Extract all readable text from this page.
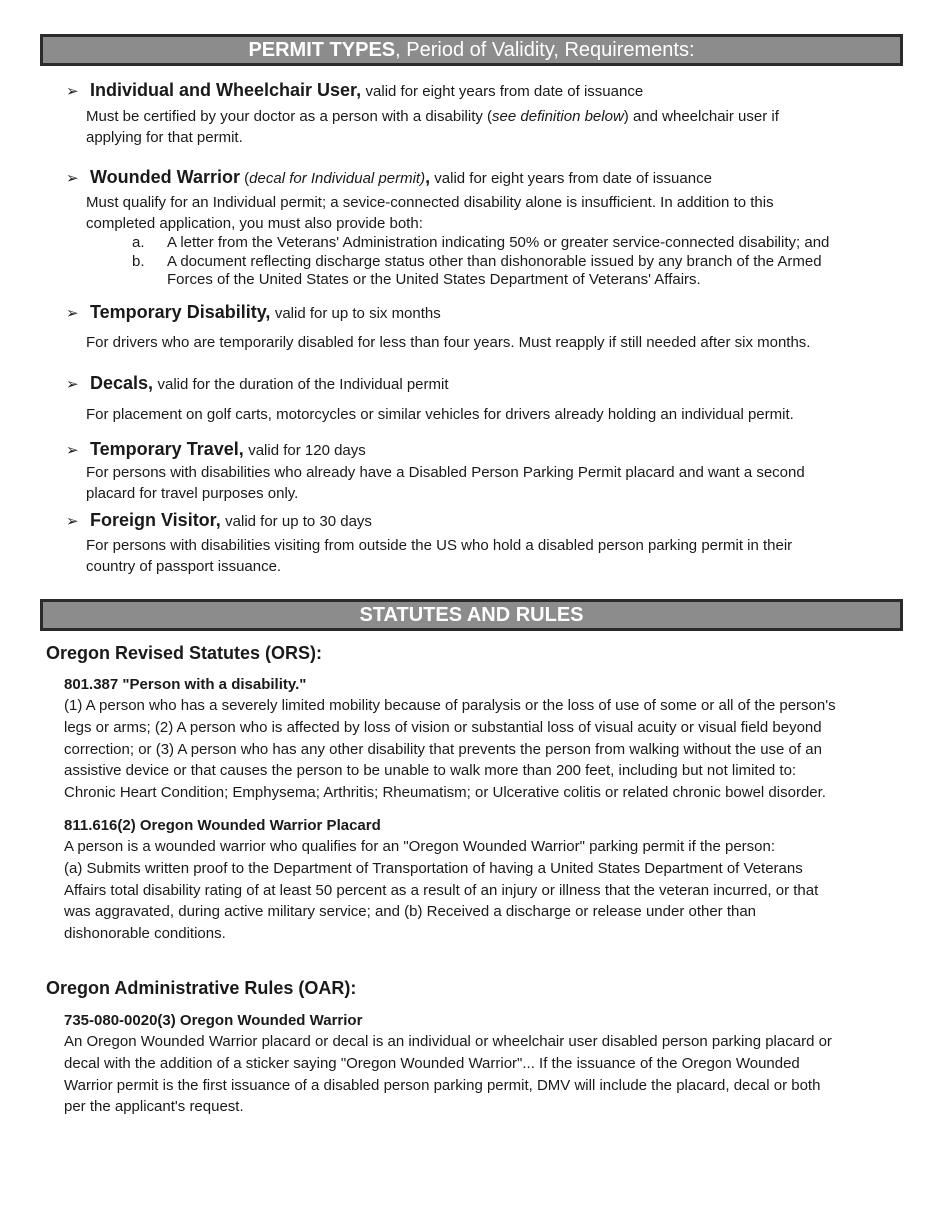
PERMIT TYPES, Period of Validity, Requirements:
➢ Individual and Wheelchair User, valid for eight years from date of issuance
Must be certified by your doctor as a person with a disability (see definition below) and wheelchair user if
applying for that permit.
➢ Wounded Warrior (decal for Individual permit), valid for eight years from date of issuance
Must qualify for an Individual permit; a sevice-connected disability alone is insufficient. In addition to this
completed application, you must also provide both:
a. A letter from the Veterans' Administration indicating 50% or greater service-connected disability; and
b. A document reflecting discharge status other than dishonorable issued by any branch of the Armed
Forces of the United States or the United States Department of Veterans' Affairs.
➢ Temporary Disability, valid for up to six months
For drivers who are temporarily disabled for less than four years. Must reapply if still needed after six months.
➢ Decals, valid for the duration of the Individual permit
For placement on golf carts, motorcycles or similar vehicles for drivers already holding an individual permit.
➢ Temporary Travel, valid for 120 days
For persons with disabilities who already have a Disabled Person Parking Permit placard and want a second
placard for travel purposes only.
➢ Foreign Visitor, valid for up to 30 days
For persons with disabilities visiting from outside the US who hold a disabled person parking permit in their
country of passport issuance.
STATUTES AND RULES
Oregon Revised Statutes (ORS):
801.387 "Person with a disability."
(1) A person who has a severely limited mobility because of paralysis or the loss of use of some or all of the person's
legs or arms; (2) A person who is affected by loss of vision or substantial loss of visual acuity or visual field beyond
correction; or (3) A person who has any other disability that prevents the person from walking without the use of an
assistive device or that causes the person to be unable to walk more than 200 feet, including but not limited to:
Chronic Heart Condition; Emphysema; Arthritis; Rheumatism; or Ulcerative colitis or related chronic bowel disorder.
811.616(2) Oregon Wounded Warrior Placard
A person is a wounded warrior who qualifies for an "Oregon Wounded Warrior" parking permit if the person:
(a) Submits written proof to the Department of Transportation of having a United States Department of Veterans
Affairs total disability rating of at least 50 percent as a result of an injury or illness that the veteran incurred, or that
was aggravated, during active military service; and (b) Received a discharge or release under other than
dishonorable conditions.
Oregon Administrative Rules (OAR):
735-080-0020(3) Oregon Wounded Warrior
An Oregon Wounded Warrior placard or decal is an individual or wheelchair user disabled person parking placard or
decal with the addition of a sticker saying "Oregon Wounded Warrior"... If the issuance of the Oregon Wounded
Warrior permit is the first issuance of a disabled person parking permit, DMV will include the placard, decal or both
per the applicant's request.
